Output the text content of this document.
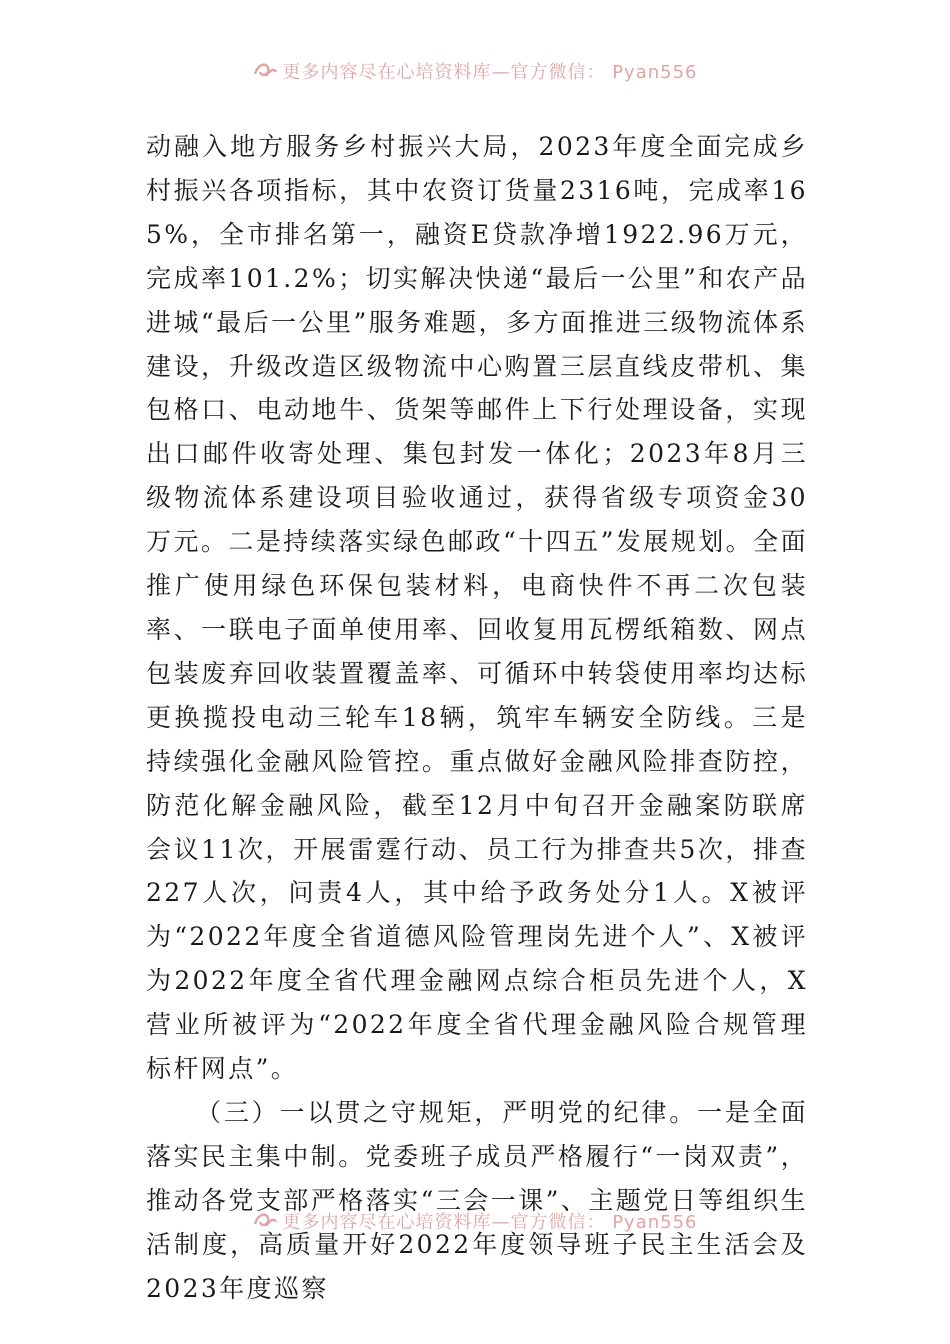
更多内容尽在心培资料库—官方微信： Pyan556

动融入地方服务乡村振兴大局，2023年度全面完成乡村振兴各项指标，其中农资订货量2316吨，完成率165%，全市排名第一，融资E贷款净增1922.96万元，完成率101.2%；切实解决快递“最后一公里”和农产品进城“最后一公里”服务难题，多方面推进三级物流体系建设，升级改造区级物流中心购置三层直线皮带机、集包格口、电动地牛、货架等邮件上下行处理设备，实现出口邮件收寄处理、集包封发一体化；2023年8月三级物流体系建设项目验收通过，获得省级专项资金30万元。二是持续落实绿色邮政“十四五”发展规划。全面推广使用绿色环保包装材料，电商快件不再二次包装率、一联电子面单使用率、回收复用瓦楞纸箱数、网点包装废弃回收装置覆盖率、可循环中转袋使用率均达标更换揽投电动三轮车18辆，筑牢车辆安全防线。三是持续强化金融风险管控。重点做好金融风险排查防控，防范化解金融风险，截至12月中旬召开金融案防联席会议11次，开展雷霆行动、员工行为排查共5次，排查227人次，问责4人，其中给予政务处分1人。X被评为“2022年度全省道德风险管理岗先进个人”、X被评为2022年度全省代理金融网点综合柜员先进个人，X营业所被评为“2022年度全省代理金融风险合规管理标杆网点”。

（三）一以贯之守规矩，严明党的纪律。一是全面落实民主集中制。党委班子成员严格履行“一岗双责”，推动各党支部严格落实“三会一课”、主题党日等组织生活制度，高质量开好2022年度领导班子民主生活会及2023年度巡察

更多内容尽在心培资料库—官方微信： Pyan556
